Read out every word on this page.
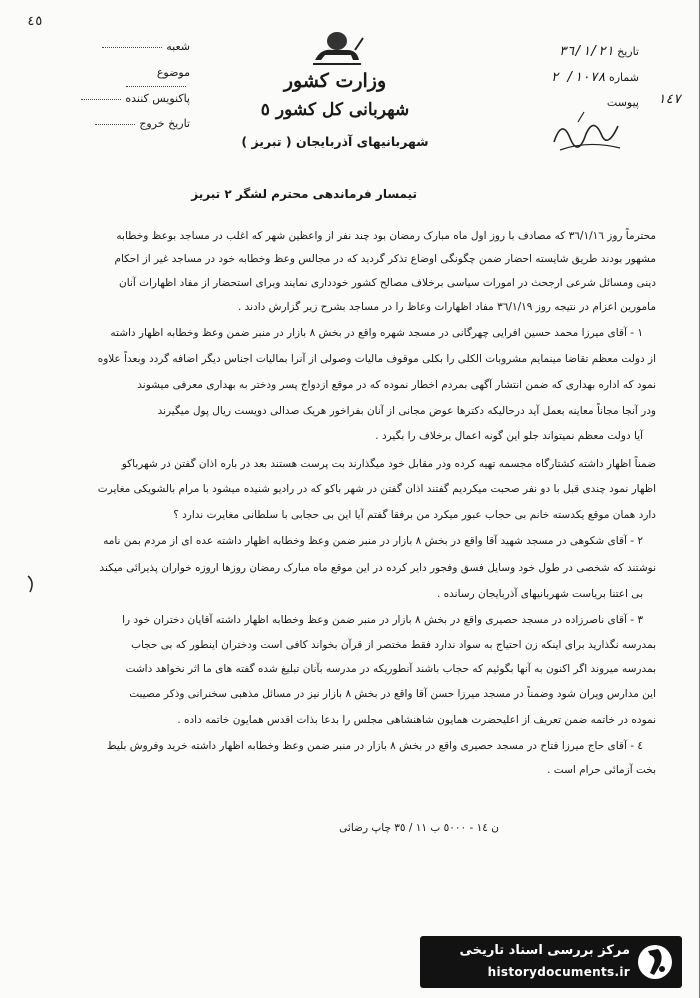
٤٥
شعبه
موضوع
پاکنویس کننده
تاریخ خروج
وزارت کشور
شهربانی کل کشور ٥
شهربانیهای آذربایجان ( تبریز )
تاریخ ۳٦/۱/۲۱
شماره ۱۰۷۸/ ٢
پیوست ١٤٧
تیمسار فرماندهی محترم لشگر ٢ تبریز
محترماً روز ٣٦/١/١٦ که مصادف با روز اول ماه مبارک رمضان بود چند نفر از واعظین شهر که اغلب در مساجد بوعظ وخطابه
مشهور بودند طریق شایسته احضار ضمن چگونگی اوضاع تذکر گردید که در مجالس وعظ وخطابه خود در مساجد غیر از احکام
دینی ومسائل شرعی ارجحث در امورات سیاسی برخلاف مصالح کشور خودداری نمایند وبرای استحضار از مفاد اظهارات آنان
مامورین اعزام در نتیجه روز ٣٦/١/١٩ مفاد اظهارات وعاظ را در مساجد بشرح زیر گزارش دادند .
١ - آقای میرزا محمد حسین افرایی چهرگانی در مسجد شهره واقع در بخش ٨ بازار در منبر ضمن وعظ وخطابه اظهار داشته
از دولت معظم تقاضا مینمایم مشروبات الکلی را بکلی موقوف مالیات وصولی از آنرا بمالیات اجناس دیگر اضافه گردد وبعداً علاوه
نمود که اداره بهداری که ضمن انتشار آگهی بمردم اخطار نموده که در موقع ازدواج پسر ودختر به بهداری معرفی میشوند
ودر آنجا مجاناً معاینه بعمل آید درحالیکه دکترها عوض مجانی از آنان بفراخور هریک صدالی دویست ریال پول میگیرند
آیا دولت معظم نمیتواند جلو این گونه اعمال برخلاف را بگیرد .
ضمناً اظهار داشته کشتارگاه مجسمه تهیه کرده ودر مقابل خود میگذارند بت پرست هستند بعد در باره اذان گفتن در شهرباکو
اظهار نمود چندی قبل با دو نفر صحبت میکردیم گفتند اذان گفتن در شهر باکو که در رادیو شنیده میشود با مرام بالشویکی مغایرت
دارد همان موقع یکدسته خانم بی حجاب عبور میکرد من برفقا گفتم آیا این بی حجابی با سلطانی مغایرت ندارد ؟
٢ - آقای شکوهی در مسجد شهید آقا واقع در بخش ٨ بازار در منبر ضمن وعظ وخطابه اظهار داشته عده ای از مردم بمن نامه
نوشتند که شخصی در طول خود وسایل فسق وفجور دایر کرده در این موقع ماه مبارک رمضان روزها اروزه خواران پذیرائی میکند
بی اعتنا بریاست شهربانیهای آذربایجان رسانده .
٣ - آقای ناصرزاده در مسجد حصیری واقع در بخش ٨ بازار در منبر ضمن وعظ وخطابه اظهار داشته آقایان دختران خود را
بمدرسه نگذارید برای اینکه زن احتیاج به سواد ندارد فقط مختصر از قرآن بخواند کافی است ودختران اینطور که بی حجاب
بمدرسه میروند اگر اکنون به آنها بگوئیم که حجاب باشند آنطوریکه در مدرسه بآنان تبلیغ شده گفته های ما اثر نخواهد داشت
این مدارس ویران شود وضمناً در مسجد میرزا حسن آقا واقع در بخش ٨ بازار نیز در مسائل مذهبی سخنرانی وذکر مصیبت
نموده در خاتمه ضمن تعریف از اعلیحضرت همایون شاهنشاهی مجلس را بدعا بذات اقدس همایون خاتمه داده .
٤ - آقای حاج میرزا فتاح در مسجد حصیری واقع در بخش ٨ بازار در منبر ضمن وعظ وخطابه اظهار داشته خرید وفروش بلیط
بخت آزمائی حرام است .
ن ١٤ - ٥٠٠٠ ب ١١ / ٣٥ چاپ رضائی
مرکز بررسی اسناد تاریخی
historydocuments.ir
